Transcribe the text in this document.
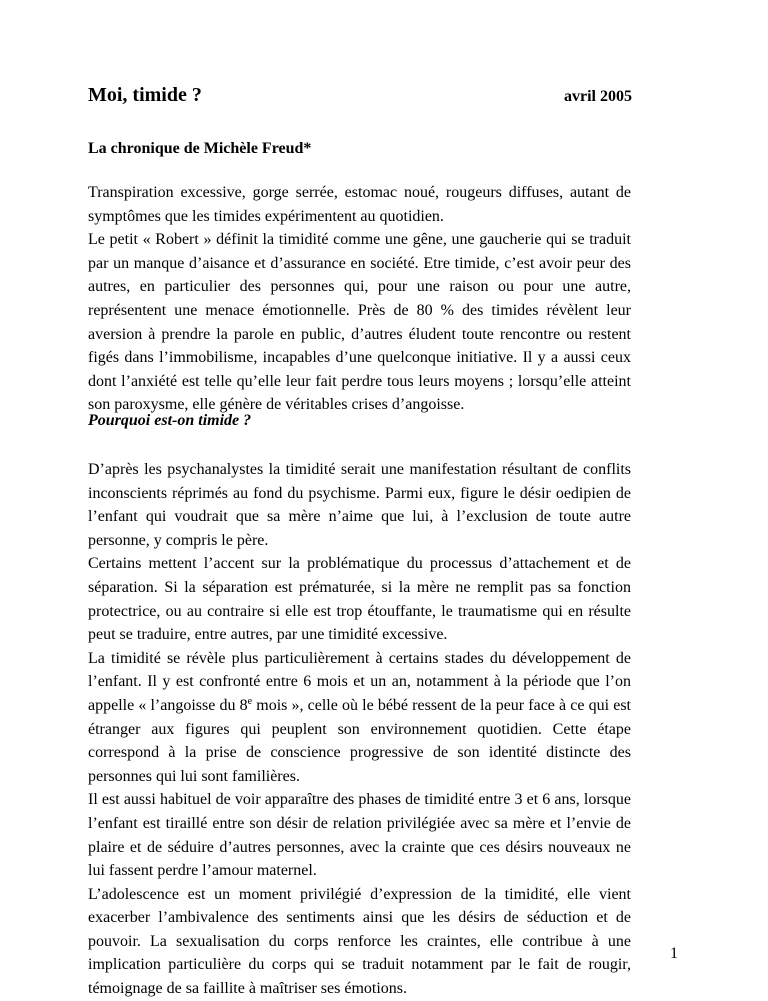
Moi, timide ?	avril 2005
La chronique de Michèle Freud*

Transpiration excessive, gorge serrée, estomac noué, rougeurs diffuses, autant de symptômes que les timides expérimentent au quotidien.

Le petit « Robert » définit la timidité comme une gêne, une gaucherie qui se traduit par un manque d’aisance et d’assurance en société. Etre timide, c’est avoir peur des autres, en particulier des personnes qui, pour une raison ou pour une autre, représentent une menace émotionnelle. Près de 80 % des timides révèlent leur aversion à prendre la parole en public, d’autres éludent toute rencontre ou restent figés dans l’immobilisme, incapables d’une quelconque initiative. Il y a aussi ceux dont l’anxiété est telle qu’elle leur fait perdre tous leurs moyens ; lorsqu’elle atteint son paroxysme, elle génère de véritables crises d’angoisse.

Pourquoi est-on timide ?

D’après les psychanalystes la timidité serait une manifestation résultant de conflits inconscients réprimés au fond du psychisme. Parmi eux, figure le désir oedipien de l’enfant qui voudrait que sa mère n’aime que lui, à l’exclusion de toute autre personne, y compris le père.

Certains mettent l’accent sur la problématique du processus d’attachement et de séparation. Si la séparation est prématurée, si la mère ne remplit pas sa fonction protectrice, ou au contraire si elle est trop étouffante, le traumatisme qui en résulte peut se traduire, entre autres, par une timidité excessive.

La timidité se révèle plus particulièrement à certains stades du développement de l’enfant. Il y est confronté entre 6 mois et un an, notamment à la période que l’on appelle « l’angoisse du 8e mois », celle où le bébé ressent de la peur face à ce qui est étranger aux figures qui peuplent son environnement quotidien. Cette étape correspond à la prise de conscience progressive de son identité distincte des personnes qui lui sont familières.

Il est aussi habituel de voir apparaître des phases de timidité entre 3 et 6 ans, lorsque l’enfant est tiraillé entre son désir de relation privilégiée avec sa mère et l’envie de plaire et de séduire d’autres personnes, avec la crainte que ces désirs nouveaux ne lui fassent perdre l’amour maternel.

L’adolescence est un moment privilégié d’expression de la timidité, elle vient exacerber l’ambivalence des sentiments ainsi que les désirs de séduction et de pouvoir. La sexualisation du corps renforce les craintes, elle contribue à une implication particulière du corps qui se traduit notamment par le fait de rougir, témoignage de sa faillite à maîtriser ses émotions.

1
